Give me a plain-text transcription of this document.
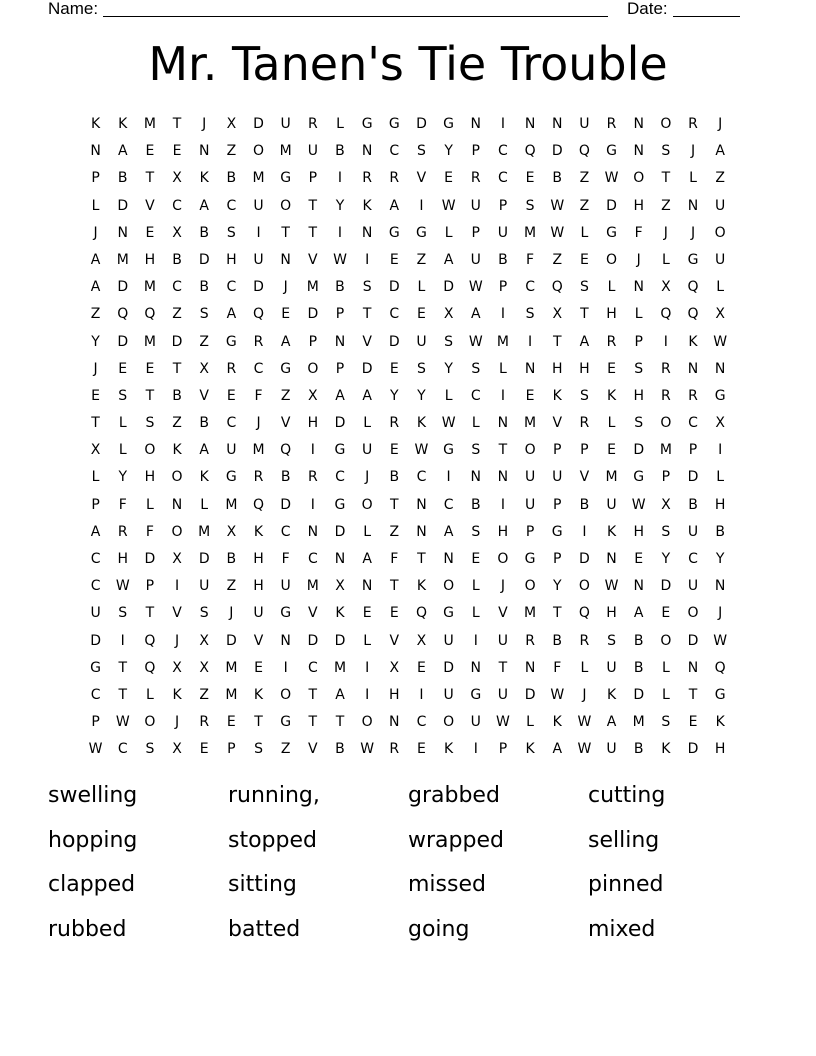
Name:	Date:
Mr. Tanen's Tie Trouble
K	K	M	T	J	X	D	U	R	L	G	G	D	G	N	I	N	N	U	R	N	O	R	J
N	A	E	E	N	Z	O	M	U	B	N	C	S	Y	P	C	Q	D	Q	G	N	S	J	A
P	B	T	X	K	B	M	G	P	I	R	R	V	E	R	C	E	B	Z	W	O	T	L	Z
L	D	V	C	A	C	U	O	T	Y	K	A	I	W	U	P	S	W	Z	D	H	Z	N	U
J	N	E	X	B	S	I	T	T	I	N	G	G	L	P	U	M	W	L	G	F	J	J	O
A	M	H	B	D	H	U	N	V	W	I	E	Z	A	U	B	F	Z	E	O	J	L	G	U
A	D	M	C	B	C	D	J	M	B	S	D	L	D	W	P	C	Q	S	L	N	X	Q	L
Z	Q	Q	Z	S	A	Q	E	D	P	T	C	E	X	A	I	S	X	T	H	L	Q	Q	X
Y	D	M	D	Z	G	R	A	P	N	V	D	U	S	W	M	I	T	A	R	P	I	K	W
J	E	E	T	X	R	C	G	O	P	D	E	S	Y	S	L	N	H	H	E	S	R	N	N
E	S	T	B	V	E	F	Z	X	A	A	Y	Y	L	C	I	E	K	S	K	H	R	R	G
T	L	S	Z	B	C	J	V	H	D	L	R	K	W	L	N	M	V	R	L	S	O	C	X
X	L	O	K	A	U	M	Q	I	G	U	E	W	G	S	T	O	P	P	E	D	M	P	I
L	Y	H	O	K	G	R	B	R	C	J	B	C	I	N	N	U	U	V	M	G	P	D	L
P	F	L	N	L	M	Q	D	I	G	O	T	N	C	B	I	U	P	B	U	W	X	B	H
A	R	F	O	M	X	K	C	N	D	L	Z	N	A	S	H	P	G	I	K	H	S	U	B
C	H	D	X	D	B	H	F	C	N	A	F	T	N	E	O	G	P	D	N	E	Y	C	Y
C	W	P	I	U	Z	H	U	M	X	N	T	K	O	L	J	O	Y	O	W	N	D	U	N
U	S	T	V	S	J	U	G	V	K	E	E	Q	G	L	V	M	T	Q	H	A	E	O	J
D	I	Q	J	X	D	V	N	D	D	L	V	X	U	I	U	R	B	R	S	B	O	D	W
G	T	Q	X	X	M	E	I	C	M	I	X	E	D	N	T	N	F	L	U	B	L	N	Q
C	T	L	K	Z	M	K	O	T	A	I	H	I	U	G	U	D	W	J	K	D	L	T	G
P	W	O	J	R	E	T	G	T	T	O	N	C	O	U	W	L	K	W	A	M	S	E	K
W	C	S	X	E	P	S	Z	V	B	W	R	E	K	I	P	K	A	W	U	B	K	D	H
swelling	running,	grabbed	cutting
hopping	stopped	wrapped	selling
clapped	sitting	missed	pinned
rubbed	batted	going	mixed
